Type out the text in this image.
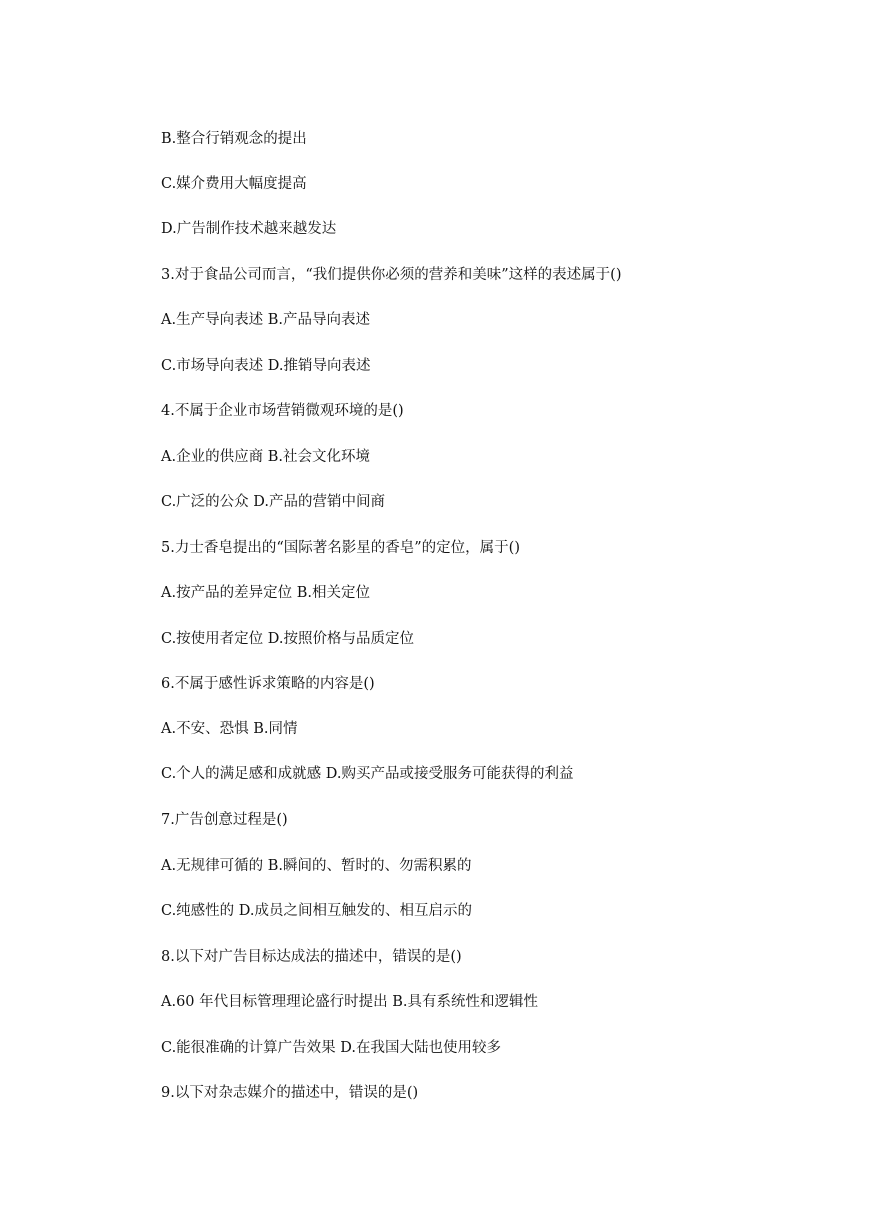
B.整合行销观念的提出

C.媒介费用大幅度提高

D.广告制作技术越来越发达

3.对于食品公司而言，“我们提供你必须的营养和美味”这样的表述属于()

A.生产导向表述 B.产品导向表述

C.市场导向表述 D.推销导向表述

4.不属于企业市场营销微观环境的是()

A.企业的供应商 B.社会文化环境

C.广泛的公众 D.产品的营销中间商

5.力士香皂提出的“国际著名影星的香皂”的定位，属于()

A.按产品的差异定位 B.相关定位

C.按使用者定位 D.按照价格与品质定位

6.不属于感性诉求策略的内容是()

A.不安、恐惧 B.同情

C.个人的满足感和成就感 D.购买产品或接受服务可能获得的利益

7.广告创意过程是()

A.无规律可循的 B.瞬间的、暂时的、勿需积累的

C.纯感性的 D.成员之间相互触发的、相互启示的

8.以下对广告目标达成法的描述中，错误的是()

A.60 年代目标管理理论盛行时提出 B.具有系统性和逻辑性

C.能很准确的计算广告效果 D.在我国大陆也使用较多

9.以下对杂志媒介的描述中，错误的是()
